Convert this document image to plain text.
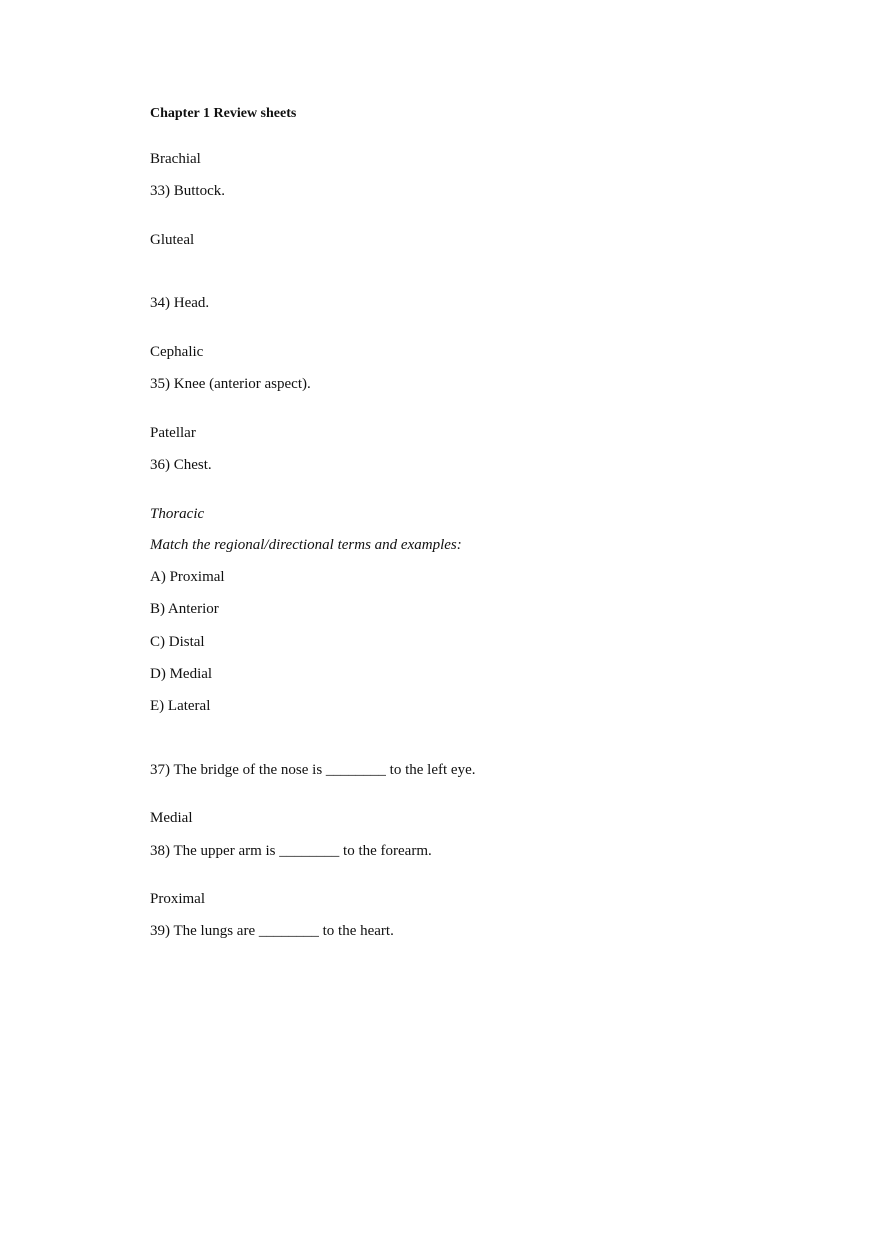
Chapter 1 Review sheets
Brachial
33) Buttock.
Gluteal
34) Head.
Cephalic
35) Knee (anterior aspect).
Patellar
36) Chest.
Thoracic
Match the regional/directional terms and examples:
A) Proximal
B) Anterior
C) Distal
D) Medial
E) Lateral
37) The bridge of the nose is ________ to the left eye.
Medial
38) The upper arm is ________ to the forearm.
Proximal
39) The lungs are ________ to the heart.
